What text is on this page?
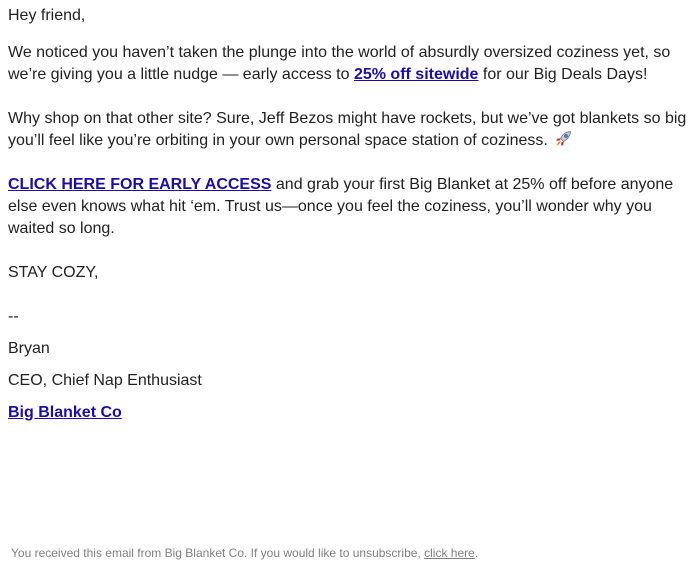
Hey friend,

We noticed you haven’t taken the plunge into the world of absurdly oversized coziness yet, so we’re giving you a little nudge — early access to 25% off sitewide for our Big Deals Days!

Why shop on that other site? Sure, Jeff Bezos might have rockets, but we’ve got blankets so big you’ll feel like you’re orbiting in your own personal space station of coziness.

CLICK HERE FOR EARLY ACCESS and grab your first Big Blanket at 25% off before anyone else even knows what hit ‘em. Trust us—once you feel the coziness, you’ll wonder why you waited so long.

STAY COZY,

--

Bryan

CEO, Chief Nap Enthusiast

Big Blanket Co

You received this email from Big Blanket Co. If you would like to unsubscribe, click here.
